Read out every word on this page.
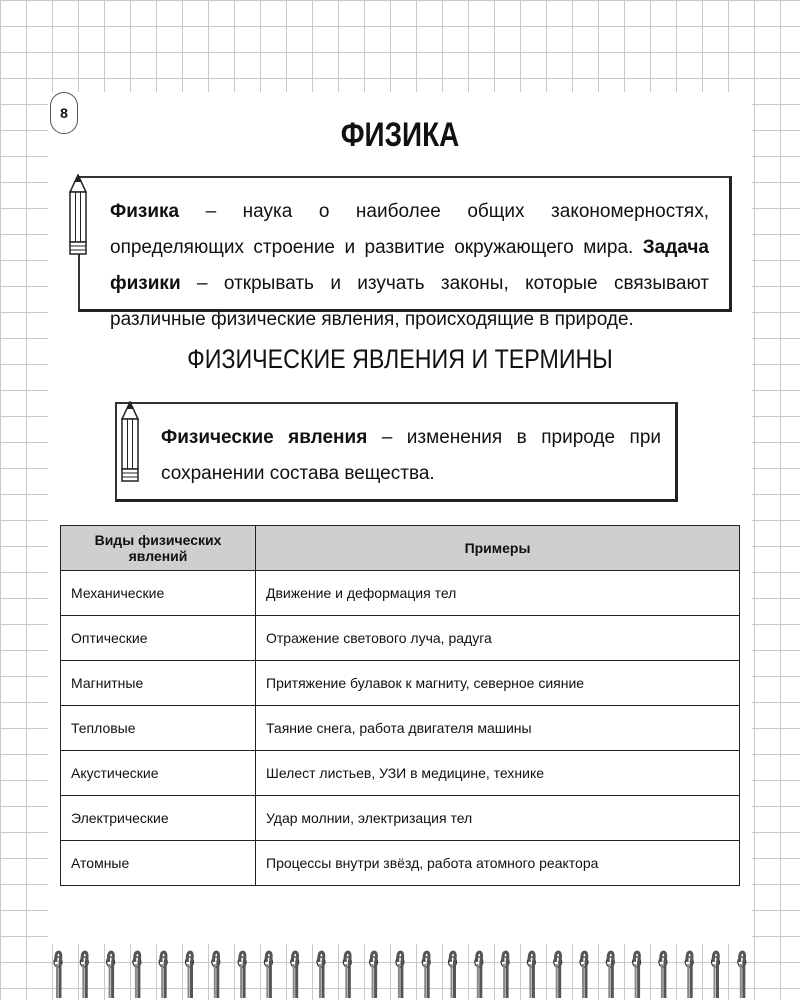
8
ФИЗИКА

Физика – наука о наиболее общих закономерностях, определяющих строение и развитие окружающего мира. Задача физики – открывать и изучать законы, которые связывают различные физические явления, происходящие в природе.

ФИЗИЧЕСКИЕ ЯВЛЕНИЯ И ТЕРМИНЫ

Физические явления – изменения в природе при сохранении состава вещества.

Виды физических явлений	Примеры
Механические	Движение и деформация тел
Оптические	Отражение светового луча, радуга
Магнитные	Притяжение булавок к магниту, северное сияние
Тепловые	Таяние снега, работа двигателя машины
Акустические	Шелест листьев, УЗИ в медицине, технике
Электрические	Удар молнии, электризация тел
Атомные	Процессы внутри звёзд, работа атомного реактора
